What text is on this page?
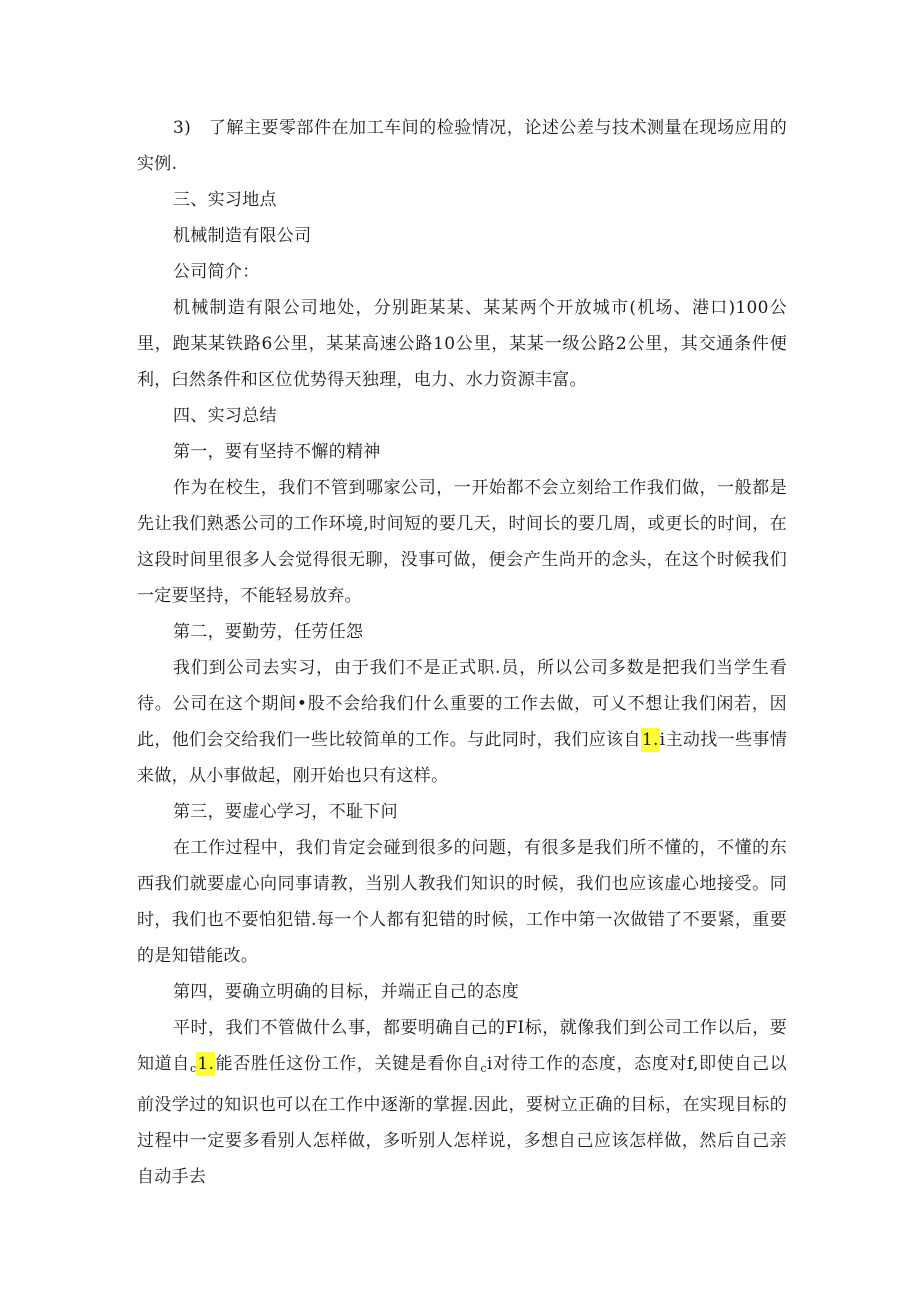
3)   了解主要零部件在加工车间的检验情况，论述公差与技术测量在现场应用的实例.

三、实习地点

机械制造有限公司

公司简介：

机械制造有限公司地处，分别距某某、某某两个开放城市(机场、港口)100公里，跑某某铁路6公里，某某高速公路10公里，某某一级公路2公里，其交通条件便利，臼然条件和区位优势得天独理，电力、水力资源丰富。

四、实习总结

第一，要有坚持不懈的精神

作为在校生，我们不管到哪家公司，一开始都不会立刻给工作我们做，一般都是先让我们熟悉公司的工作环境,时间短的要几天，时间长的要几周，或更长的时间，在这段时间里很多人会觉得很无聊，没事可做，便会产生尚开的念头，在这个时候我们一定要坚持，不能轻易放弃。

第二，要勤劳，任劳任怨

我们到公司去实习，由于我们不是正式职.员，所以公司多数是把我们当学生看待。公司在这个期间•股不会给我们什么重要的工作去做，可乂不想让我们闲若，因此，他们会交给我们一些比较简单的工作。与此同时，我们应该自1.i主动找一些事情来做，从小事做起，刚开始也只有这样。

第三，要虚心学习，不耻下问

在工作过程中，我们肯定会碰到很多的问题，有很多是我们所不懂的，不懂的东西我们就要虚心向同事请教，当别人教我们知识的时候，我们也应该虚心地接受。同时，我们也不要怕犯错.每一个人都有犯错的时候，工作中第一次做错了不要紧，重要的是知错能改。

第四，要确立明确的目标，并端正自己的态度

平时，我们不管做什么事，都要明确自己的FI标，就像我们到公司工作以后，要知道自c1.能否胜任这份工作，关键是看你自ci对待工作的态度，态度对f,即使自己以前没学过的知识也可以在工作中逐渐的掌握.因此，要树立正确的目标，在实现目标的过程中一定要多看别人怎样做，多听别人怎样说，多想自己应该怎样做，然后自己亲自动手去
